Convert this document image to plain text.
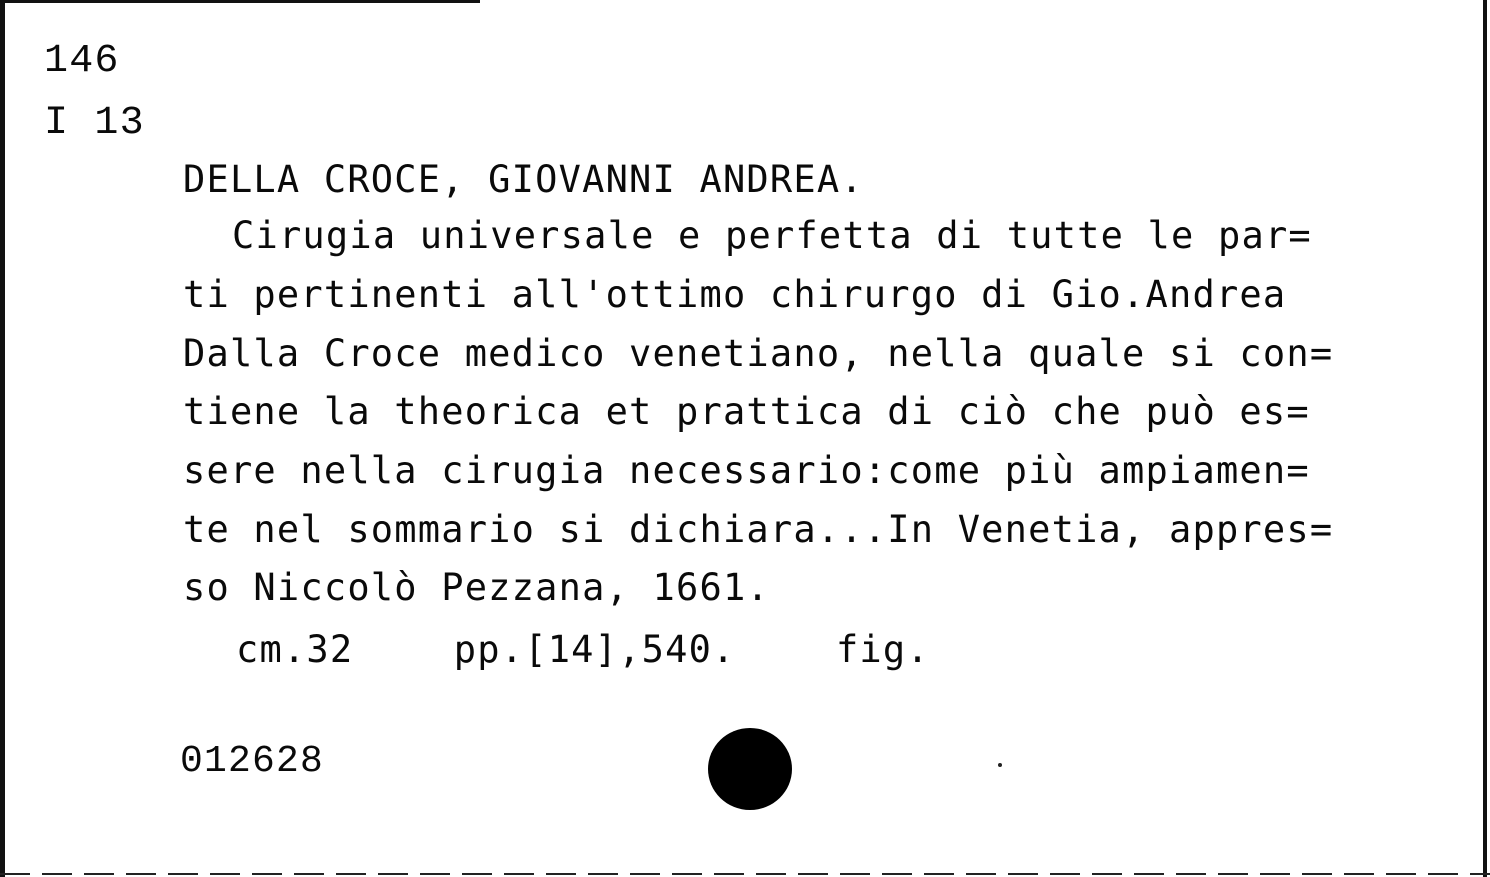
146
I 13
DELLA CROCE, GIOVANNI ANDREA.
Cirugia universale e perfetta di tutte le par=
ti pertinenti all'ottimo chirurgo di Gio.Andrea
Dalla Croce medico venetiano, nella quale si con=
tiene la theorica et prattica di ciò che può es=
sere nella cirugia necessario:come più ampiamen=
te nel sommario si dichiara...In Venetia, appres=
so Niccolò Pezzana, 1661.
cm.32   pp.[14],540.   fig.
012628
